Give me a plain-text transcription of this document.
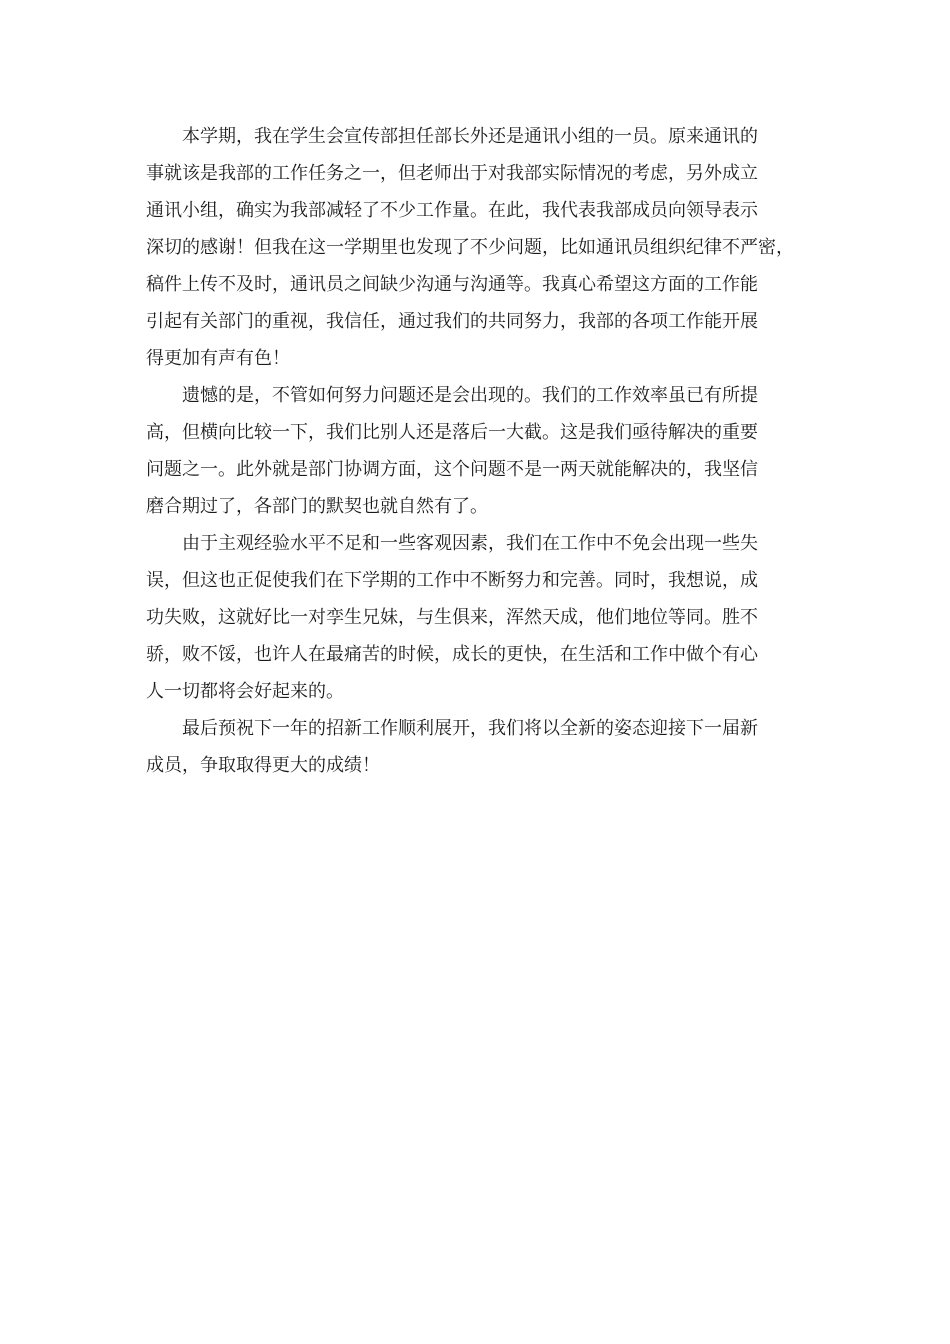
本学期，我在学生会宣传部担任部长外还是通讯小组的一员。原来通讯的
事就该是我部的工作任务之一，但老师出于对我部实际情况的考虑，另外成立
通讯小组，确实为我部减轻了不少工作量。在此，我代表我部成员向领导表示
深切的感谢！但我在这一学期里也发现了不少问题，比如通讯员组织纪律不严密，
稿件上传不及时，通讯员之间缺少沟通与沟通等。我真心希望这方面的工作能
引起有关部门的重视，我信任，通过我们的共同努力，我部的各项工作能开展
得更加有声有色！
遗憾的是，不管如何努力问题还是会出现的。我们的工作效率虽已有所提
高，但横向比较一下，我们比别人还是落后一大截。这是我们亟待解决的重要
问题之一。此外就是部门协调方面，这个问题不是一两天就能解决的，我坚信
磨合期过了，各部门的默契也就自然有了。
由于主观经验水平不足和一些客观因素，我们在工作中不免会出现一些失
误，但这也正促使我们在下学期的工作中不断努力和完善。同时，我想说，成
功失败，这就好比一对孪生兄妹，与生俱来，浑然天成，他们地位等同。胜不
骄，败不馁，也许人在最痛苦的时候，成长的更快，在生活和工作中做个有心
人一切都将会好起来的。
最后预祝下一年的招新工作顺利展开，我们将以全新的姿态迎接下一届新
成员，争取取得更大的成绩！
